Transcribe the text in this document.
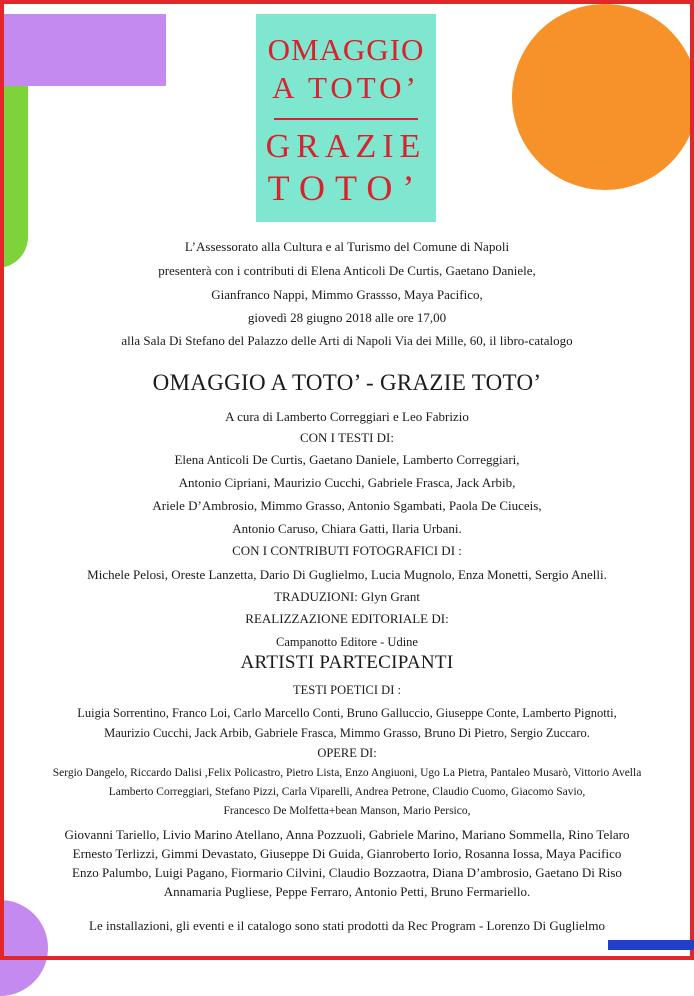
OMAGGIO
A TOTO’
GRAZIE
TOTO’
L’Assessorato alla Cultura e al Turismo del Comune di Napoli
presenterà con i contributi di Elena Anticoli De Curtis, Gaetano Daniele,
Gianfranco Nappi, Mimmo Grassso, Maya Pacifico,
giovedì 28 giugno 2018 alle ore 17,00
alla Sala Di Stefano del Palazzo delle Arti di Napoli Via dei Mille, 60, il libro-catalogo
OMAGGIO A TOTO’ - GRAZIE TOTO’
A cura di Lamberto Correggiari e Leo Fabrizio
CON I TESTI DI:
Elena Anticoli De Curtis, Gaetano Daniele, Lamberto Correggiari,
Antonio Cipriani, Maurizio Cucchi, Gabriele Frasca, Jack Arbib,
Ariele D’Ambrosio, Mimmo Grasso, Antonio Sgambati, Paola De Ciuceis,
Antonio Caruso, Chiara Gatti, Ilaria Urbani.
CON I CONTRIBUTI FOTOGRAFICI DI :
Michele Pelosi, Oreste Lanzetta, Dario Di Guglielmo, Lucia Mugnolo, Enza Monetti, Sergio Anelli.
TRADUZIONI: Glyn Grant
REALIZZAZIONE EDITORIALE DI:
Campanotto Editore - Udine
ARTISTI PARTECIPANTI
TESTI POETICI DI :
Luigia Sorrentino, Franco Loi, Carlo Marcello Conti, Bruno Galluccio, Giuseppe Conte, Lamberto Pignotti,
Maurizio Cucchi, Jack Arbib, Gabriele Frasca, Mimmo Grasso, Bruno Di Pietro, Sergio Zuccaro.
OPERE DI:
Sergio Dangelo, Riccardo Dalisi ,Felix Policastro, Pietro Lista, Enzo Angiuoni, Ugo La Pietra, Pantaleo Musarò, Vittorio Avella
Lamberto Correggiari, Stefano Pizzi, Carla Viparelli, Andrea Petrone, Claudio Cuomo, Giacomo Savio,
Francesco De Molfetta+bean Manson, Mario Persico,
Giovanni Tariello, Livio Marino Atellano, Anna Pozzuoli, Gabriele Marino, Mariano Sommella, Rino Telaro
Ernesto Terlizzi, Gimmi Devastato, Giuseppe Di Guida, Gianroberto Iorio, Rosanna Iossa, Maya Pacifico
Enzo Palumbo, Luigi Pagano, Fiormario Cilvini, Claudio Bozzaotra, Diana D’ambrosio, Gaetano Di Riso
Annamaria Pugliese, Peppe Ferraro, Antonio Petti, Bruno Fermariello.
Le installazioni, gli eventi e il catalogo sono stati prodotti da Rec Program - Lorenzo Di Guglielmo
